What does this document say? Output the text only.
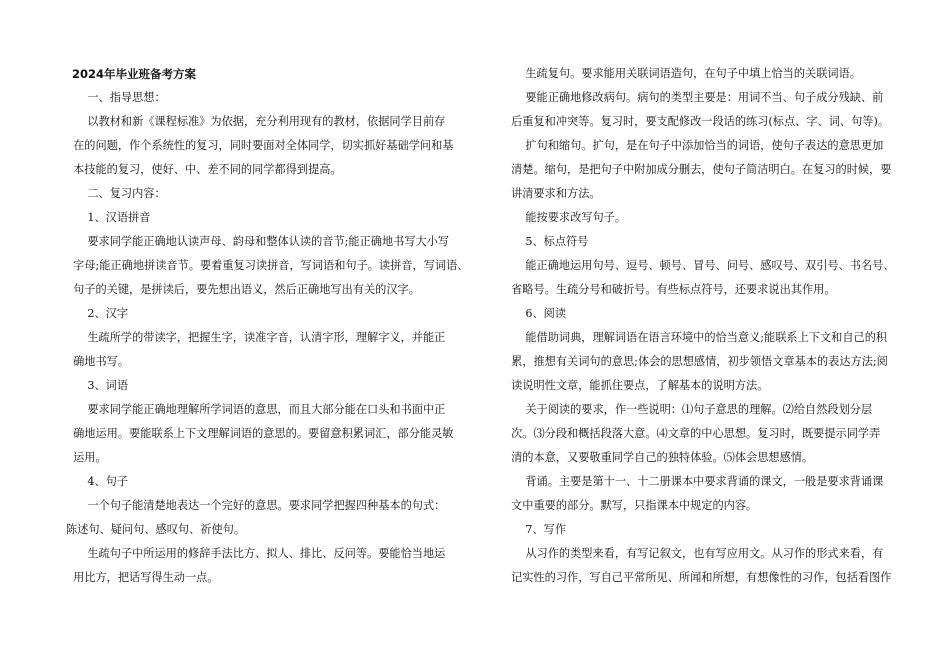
2024年毕业班备考方案
一、指导思想：
以教材和新《课程标准》为依据，充分利用现有的教材，依据同学目前存
在的问题，作个系统性的复习，同时要面对全体同学，切实抓好基础学问和基
本技能的复习，使好、中、差不同的同学都得到提高。
二、复习内容：
1、汉语拼音
要求同学能正确地认读声母、韵母和整体认读的音节;能正确地书写大小写
字母;能正确地拼读音节。要着重复习读拼音，写词语和句子。读拼音，写词语、
句子的关键，是拼读后，要先想出语义，然后正确地写出有关的汉字。
2、汉字
生疏所学的带读字，把握生字，读准字音，认清字形，理解字义，并能正
确地书写。
3、词语
要求同学能正确地理解所学词语的意思，而且大部分能在口头和书面中正
确地运用。要能联系上下文理解词语的意思的。要留意积累词汇，部分能灵敏
运用。
4、句子
一个句子能清楚地表达一个完好的意思。要求同学把握四种基本的句式：
陈述句、疑问句、感叹句、祈使句。
生疏句子中所运用的修辞手法比方、拟人、排比、反问等。要能恰当地运
用比方，把话写得生动一点。
生疏复句。要求能用关联词语造句，在句子中填上恰当的关联词语。
要能正确地修改病句。病句的类型主要是：用词不当、句子成分残缺、前
后重复和冲突等。复习时，要支配修改一段话的练习(标点、字、词、句等)。
扩句和缩句。扩句，是在句子中添加恰当的词语，使句子表达的意思更加
清楚。缩句，是把句子中附加成分删去，使句子简洁明白。在复习的时候，要
讲清要求和方法。
能按要求改写句子。
5、标点符号
能正确地运用句号、逗号、顿号、冒号、问号、感叹号、双引号、书名号、
省略号。生疏分号和破折号。有些标点符号，还要求说出其作用。
6、阅读
能借助词典，理解词语在语言环境中的恰当意义;能联系上下文和自己的积
累，推想有关词句的意思;体会的思想感情，初步领悟文章基本的表达方法;阅
读说明性文章，能抓住要点，了解基本的说明方法。
关于阅读的要求，作一些说明：⑴句子意思的理解。⑵给自然段划分层
次。⑶分段和概括段落大意。⑷文章的中心思想。复习时，既要提示同学弄
清的本意，又要敬重同学自己的独特体验。⑸体会思想感情。
背诵。主要是第十一、十二册课本中要求背诵的课文，一般是要求背诵课
文中重要的部分。默写，只指课本中规定的内容。
7、写作
从习作的类型来看，有写记叙文，也有写应用文。从习作的形式来看，有
记实性的习作，写自己平常所见、所闻和所想，有想像性的习作，包括看图作
